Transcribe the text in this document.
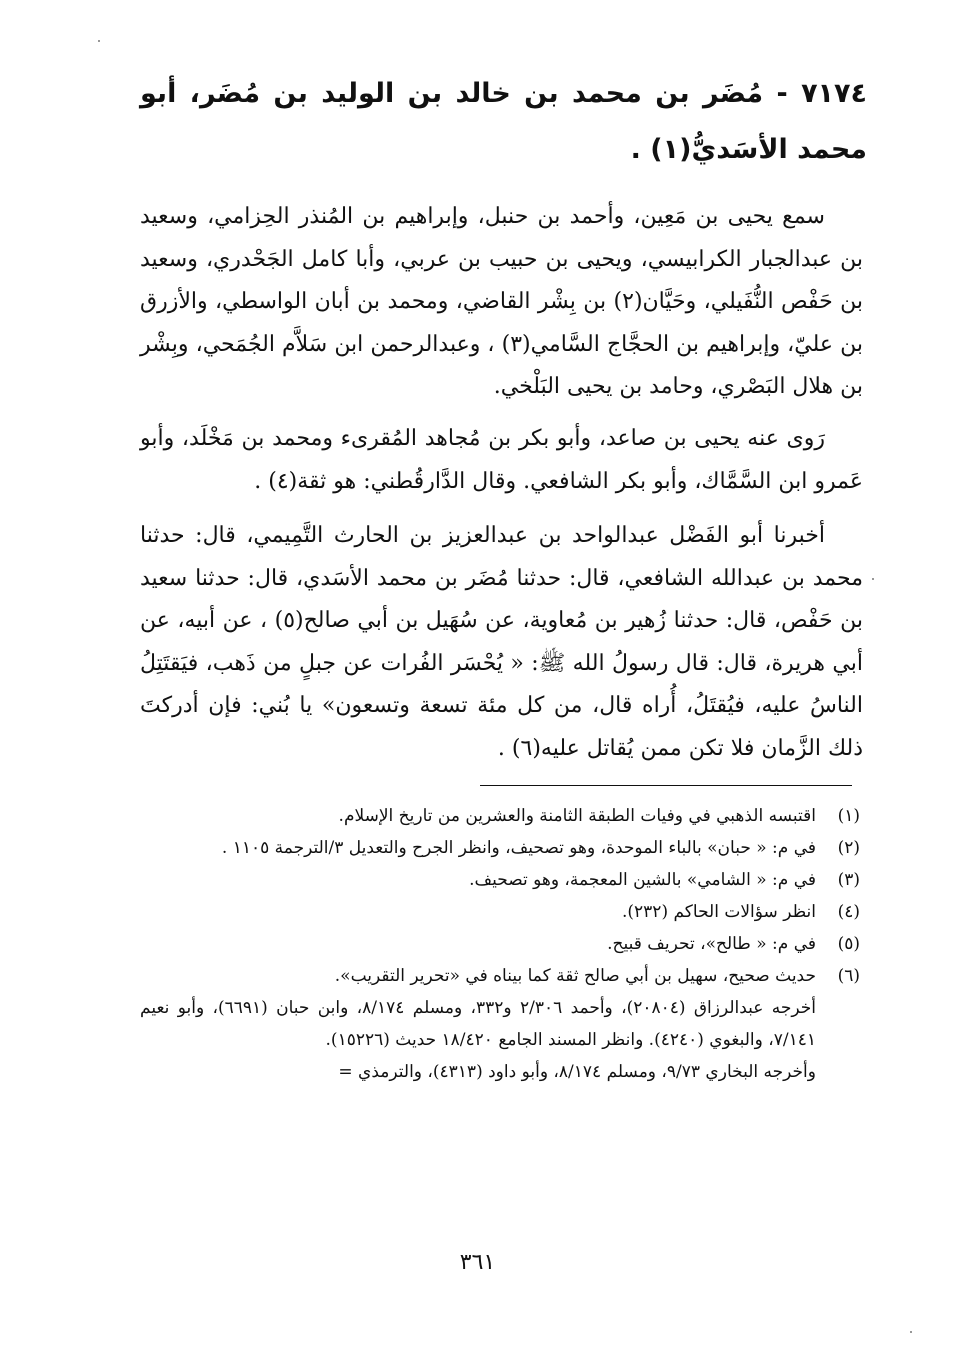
٧١٧٤ - مُضَر بن محمد بن خالد بن الوليد بن مُضَر، أبو محمد الأسَديُّ(١) .
سمع يحيى بن مَعِين، وأحمد بن حنبل، وإبراهيم بن المُنذر الحِزامي، وسعيد بن عبدالجبار الكرابيسي، ويحيى بن حبيب بن عربي، وأبا كامل الجَحْدري، وسعيد بن حَفْص النُّفَيلي، وحَيَّان(٢) بن بِشْر القاضي، ومحمد بن أبان الواسطي، والأزرق بن عليّ، وإبراهيم بن الحجَّاج السَّامي(٣) ، وعبدالرحمن ابن سَلاَّم الجُمَحي، وبِشْر بن هلال البَصْري، وحامد بن يحيى البَلْخي.
رَوى عنه يحيى بن صاعد، وأبو بكر بن مُجاهد المُقرىء ومحمد بن مَخْلَد، وأبو عَمرو ابن السَّمَّاك، وأبو بكر الشافعي. وقال الدَّارقُطني: هو ثقة(٤) .
أخبرنا أبو الفَضْل عبدالواحد بن عبدالعزيز بن الحارث التَّمِيمي، قال: حدثنا محمد بن عبدالله الشافعي، قال: حدثنا مُضَر بن محمد الأسَدي، قال: حدثنا سعيد بن حَفْص، قال: حدثنا زُهير بن مُعاوية، عن سُهَيل بن أبي صالح(٥) ، عن أبيه، عن أبي هريرة، قال: قال رسولُ الله ﷺ: « يُحْسَر الفُرات عن جبلٍ من ذَهب، فيَقتَتِلُ الناسُ عليه، فيُقتَلُ، أُراه قال، من كل مئة تسعة وتسعون» يا بُني: فإن أدركتَ ذلك الزَّمان فلا تكن ممن يُقاتل عليه(٦) .
(١)
اقتبسه الذهبي في وفيات الطبقة الثامنة والعشرين من تاريخ الإسلام.
(٢)
في م: « حبان» بالباء الموحدة، وهو تصحيف، وانظر الجرح والتعديل ٣/الترجمة ١١٠٥ .
(٣)
في م: « الشامي» بالشين المعجمة، وهو تصحيف.
(٤)
انظر سؤالات الحاكم (٢٣٢).
(٥)
في م: « طالح»، تحريف قبيح.
(٦)
حديث صحيح، سهيل بن أبي صالح ثقة كما بيناه في «تحرير التقريب».
أخرجه عبدالرزاق (٢٠٨٠٤)، وأحمد ٢/٣٠٦ و٣٣٢، ومسلم ٨/١٧٤، وابن حبان (٦٦٩١)، وأبو نعيم ٧/١٤١، والبغوي (٤٢٤٠). وانظر المسند الجامع ١٨/٤٢٠ حديث (١٥٢٢٦).
وأخرجه البخاري ٩/٧٣، ومسلم ٨/١٧٤، وأبو داود (٤٣١٣)، والترمذي =
٣٦١
